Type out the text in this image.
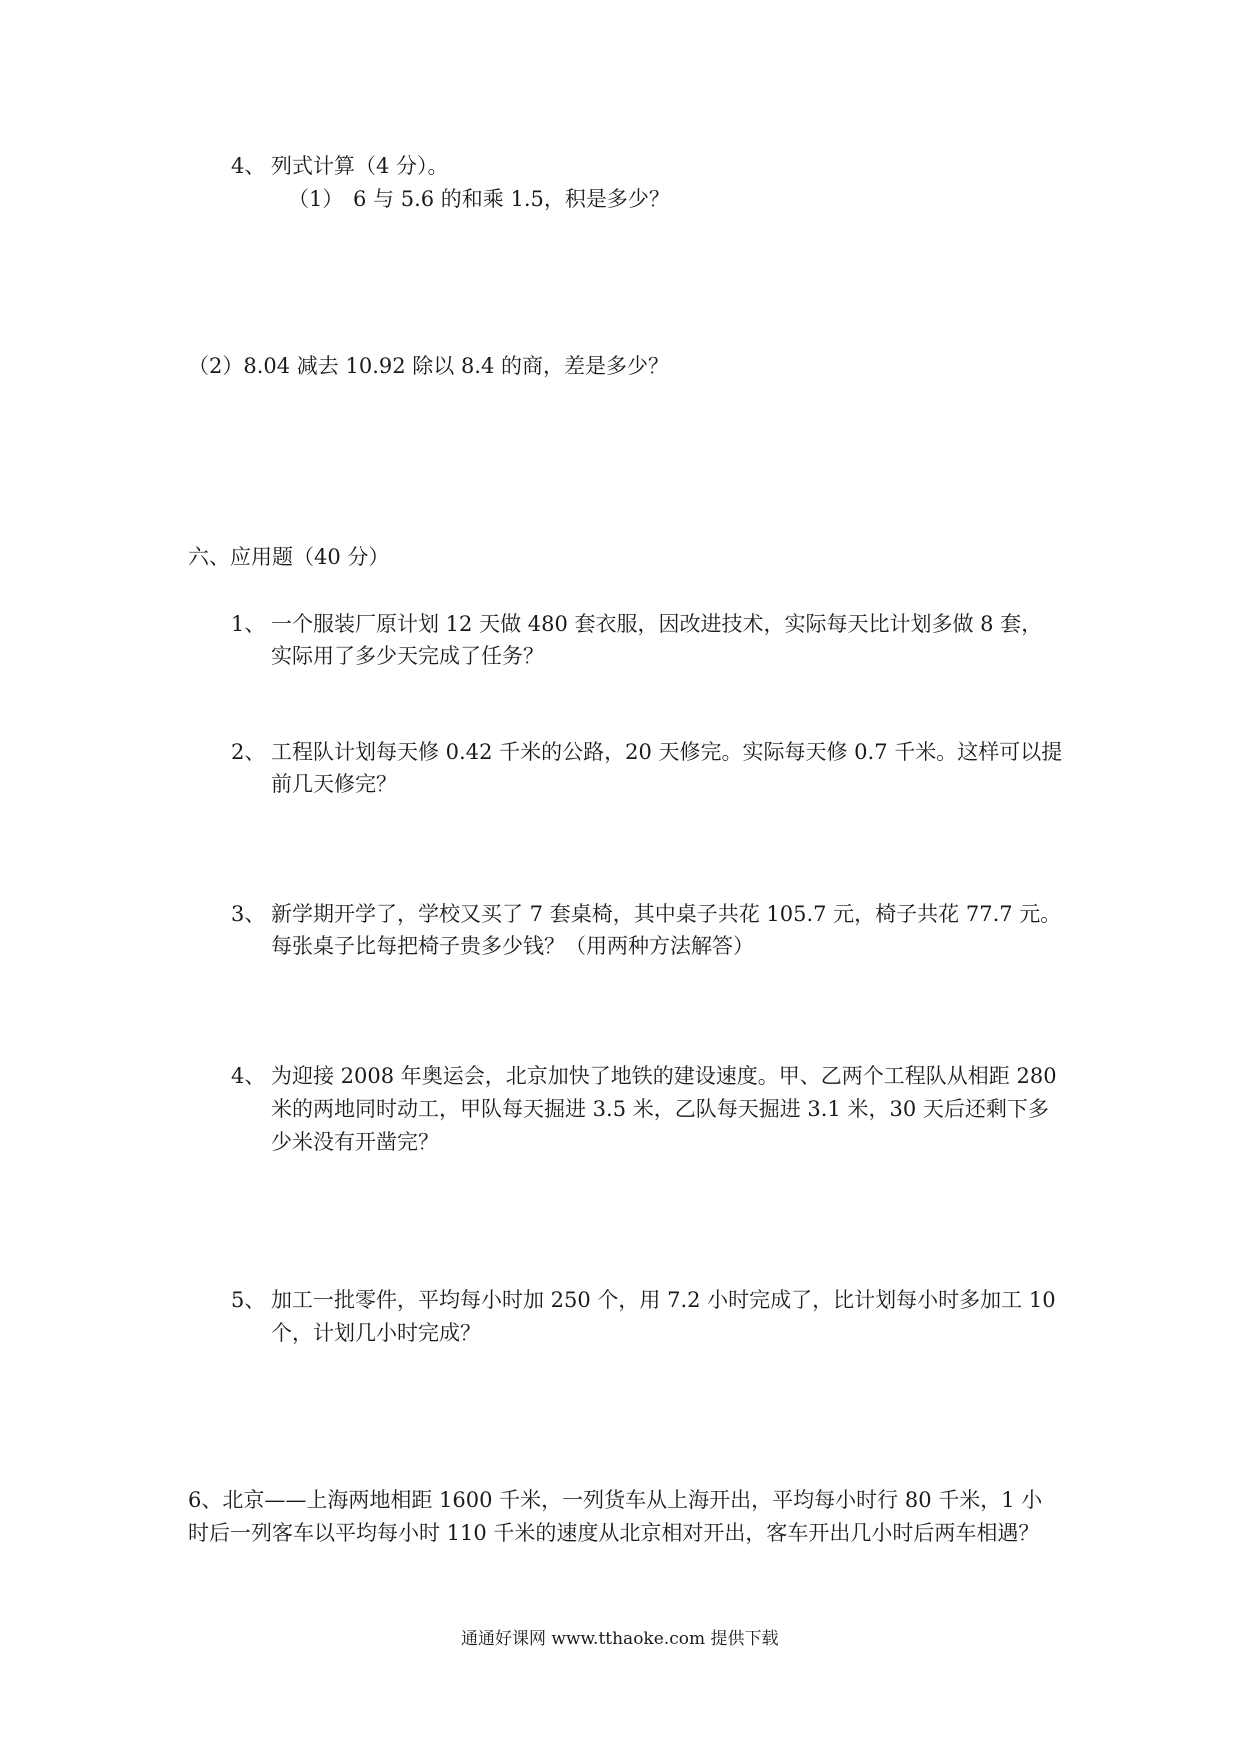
4、 列式计算（4 分）。
（1） 6 与 5.6 的和乘 1.5，积是多少？
（2）8.04 减去 10.92 除以 8.4 的商，差是多少？
六、应用题（40 分）
1、 一个服装厂原计划 12 天做 480 套衣服，因改进技术，实际每天比计划多做 8 套，
实际用了多少天完成了任务？
2、 工程队计划每天修 0.42 千米的公路，20 天修完。实际每天修 0.7 千米。这样可以提
前几天修完？
3、 新学期开学了，学校又买了 7 套桌椅，其中桌子共花 105.7 元，椅子共花 77.7 元。
每张桌子比每把椅子贵多少钱？（用两种方法解答）
4、 为迎接 2008 年奥运会，北京加快了地铁的建设速度。甲、乙两个工程队从相距 280
米的两地同时动工，甲队每天掘进 3.5 米，乙队每天掘进 3.1 米，30 天后还剩下多
少米没有开凿完？
5、 加工一批零件，平均每小时加 250 个，用 7.2 小时完成了，比计划每小时多加工 10
个，计划几小时完成？
6、北京——上海两地相距 1600 千米，一列货车从上海开出，平均每小时行 80 千米，1 小
时后一列客车以平均每小时 110 千米的速度从北京相对开出，客车开出几小时后两车相遇？
通通好课网 www.tthaoke.com 提供下载
